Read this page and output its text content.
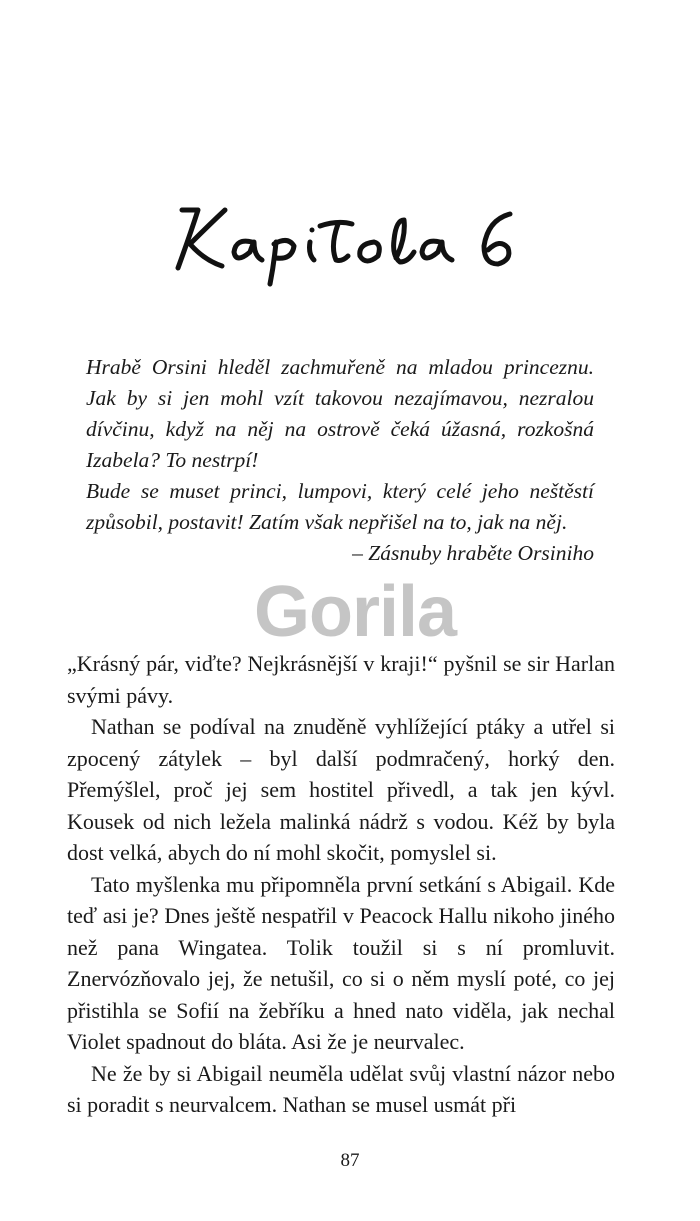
Hrabě Orsini hleděl zachmuřeně na mladou princeznu. Jak by si jen mohl vzít takovou nezajímavou, nezralou dívčinu, když na něj na ostrově čeká úžasná, rozkošná Izabela? To nestrpí!

Bude se muset princi, lumpovi, který celé jeho neštěstí způsobil, postavit! Zatím však nepřišel na to, jak na něj.

– Zásnuby hraběte Orsiniho
Gorila

„Krásný pár, viďte? Nejkrásnější v kraji!“ pyšnil se sir Harlan svými pávy.

Nathan se podíval na znuděně vyhlížející ptáky a utřel si zpocený zátylek – byl další podmračený, horký den. Přemýšlel, proč jej sem hostitel přivedl, a tak jen kývl. Kousek od nich ležela malinká nádrž s vodou. Kéž by byla dost velká, abych do ní mohl skočit, pomyslel si.

Tato myšlenka mu připomněla první setkání s Abigail. Kde teď asi je? Dnes ještě nespatřil v Peacock Hallu nikoho jiného než pana Wingatea. Tolik toužil si s ní promluvit. Znervózňovalo jej, že netušil, co si o něm myslí poté, co jej přistihla se Sofií na žebříku a hned nato viděla, jak nechal Violet spadnout do bláta. Asi že je neurvalec.

Ne že by si Abigail neuměla udělat svůj vlastní názor nebo si poradit s neurvalcem. Nathan se musel usmát při

87
